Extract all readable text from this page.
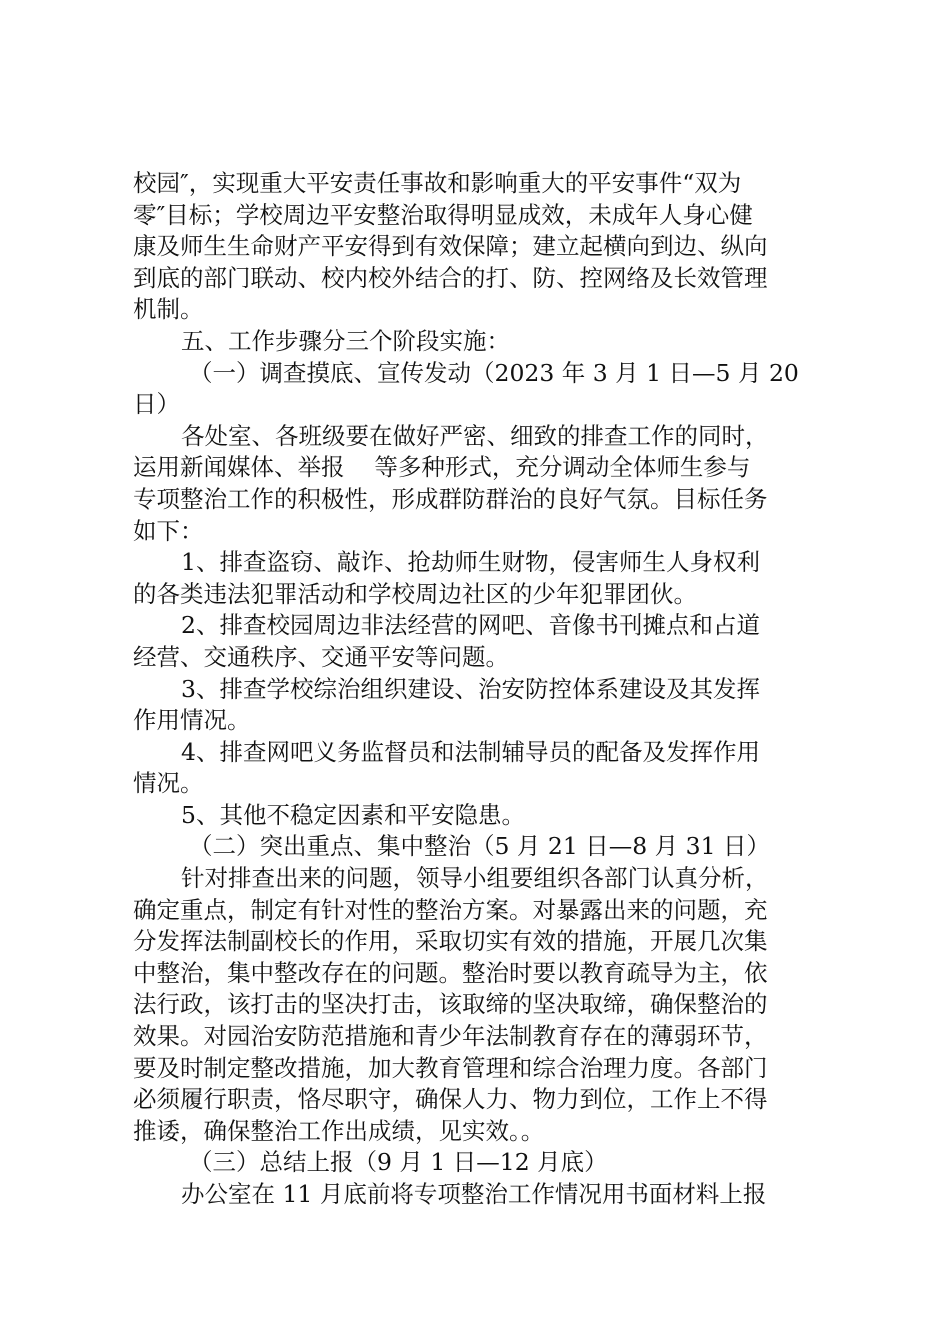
校园″，实现重大平安责任事故和影响重大的平安事件“双为
零″目标；学校周边平安整治取得明显成效，未成年人身心健
康及师生生命财产平安得到有效保障；建立起横向到边、纵向
到底的部门联动、校内校外结合的打、防、控网络及长效管理
机制。
五、工作步骤分三个阶段实施：
（一）调查摸底、宣传发动（2023 年 3 月 1 日—5 月 20
日）
各处室、各班级要在做好严密、细致的排查工作的同时，
运用新闻媒体、举报    等多种形式，充分调动全体师生参与
专项整治工作的积极性，形成群防群治的良好气氛。目标任务
如下：
1、排查盗窃、敲诈、抢劫师生财物，侵害师生人身权利
的各类违法犯罪活动和学校周边社区的少年犯罪团伙。
2、排查校园周边非法经营的网吧、音像书刊摊点和占道
经营、交通秩序、交通平安等问题。
3、排查学校综治组织建设、治安防控体系建设及其发挥
作用情况。
4、排查网吧义务监督员和法制辅导员的配备及发挥作用
情况。
5、其他不稳定因素和平安隐患。
（二）突出重点、集中整治（5 月 21 日—8 月 31 日）
针对排查出来的问题，领导小组要组织各部门认真分析，
确定重点，制定有针对性的整治方案。对暴露出来的问题，充
分发挥法制副校长的作用，采取切实有效的措施，开展几次集
中整治，集中整改存在的问题。整治时要以教育疏导为主，依
法行政，该打击的坚决打击，该取缔的坚决取缔，确保整治的
效果。对园治安防范措施和青少年法制教育存在的薄弱环节，
要及时制定整改措施，加大教育管理和综合治理力度。各部门
必须履行职责，恪尽职守，确保人力、物力到位，工作上不得
推诿，确保整治工作出成绩，见实效。。
（三）总结上报（9 月 1 日—12 月底）
办公室在 11 月底前将专项整治工作情况用书面材料上报
